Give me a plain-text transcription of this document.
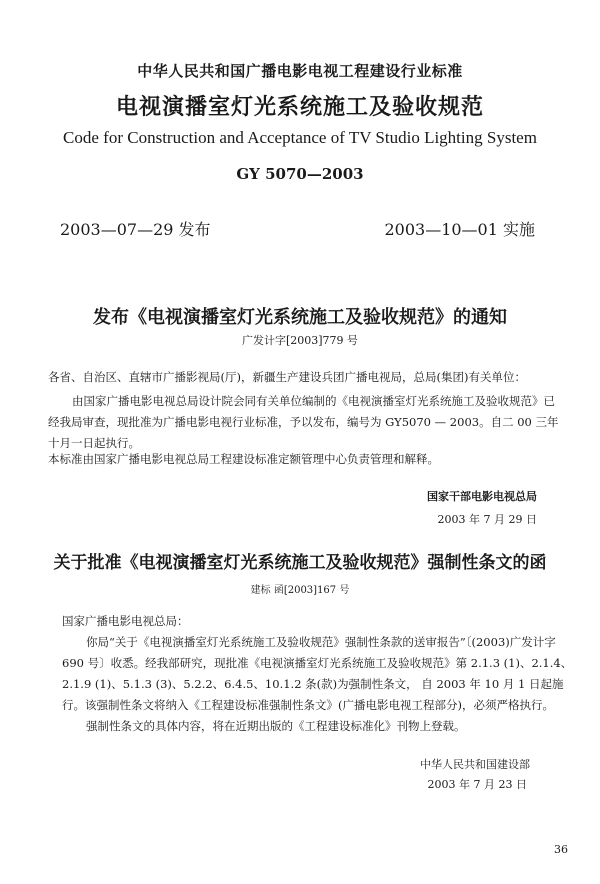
中华人民共和国广播电影电视工程建设行业标准
电视演播室灯光系统施工及验收规范
Code for Construction and Acceptance of TV Studio Lighting System
GY 5070—2003
2003—07—29 发布	2003—10—01 实施
发布《电视演播室灯光系统施工及验收规范》的通知
广发计字[2003]779 号
各省、自治区、直辖市广播影视局(厅)，新疆生产建设兵团广播电视局，总局(集团)有关单位：
由国家广播电影电视总局设计院会同有关单位编制的《电视演播室灯光系统施工及验收规范》已经我局审查，现批准为广播电影电视行业标准，予以发布，编号为 GY5070 — 2003。自二 00 三年十月一日起执行。
本标准由国家广播电影电视总局工程建设标准定额管理中心负责管理和解释。
国家干部电影电视总局
2003 年 7 月 29 日
关于批准《电视演播室灯光系统施工及验收规范》强制性条文的函
建标 函[2003]167 号
国家广播电影电视总局：
你局“关于《电视演播室灯光系统施工及验收规范》强制性条款的送审报告”〔(2003)广发计字 690 号〕收悉。经我部研究，现批准《电视演播室灯光系统施工及验收规范》第 2.1.3 (1)、2.1.4、2.1.9 (1)、5.1.3 (3)、5.2.2、6.4.5、10.1.2 条(款)为强制性条文， 自 2003 年 10 月 1 日起施行。该强制性条文将纳入《工程建设标准强制性条文》(广播电影电视工程部分)，必须严格执行。
强制性条文的具体内容，将在近期出版的《工程建设标准化》刊物上登载。
中华人民共和国建设部
2003 年 7 月 23 日
36
